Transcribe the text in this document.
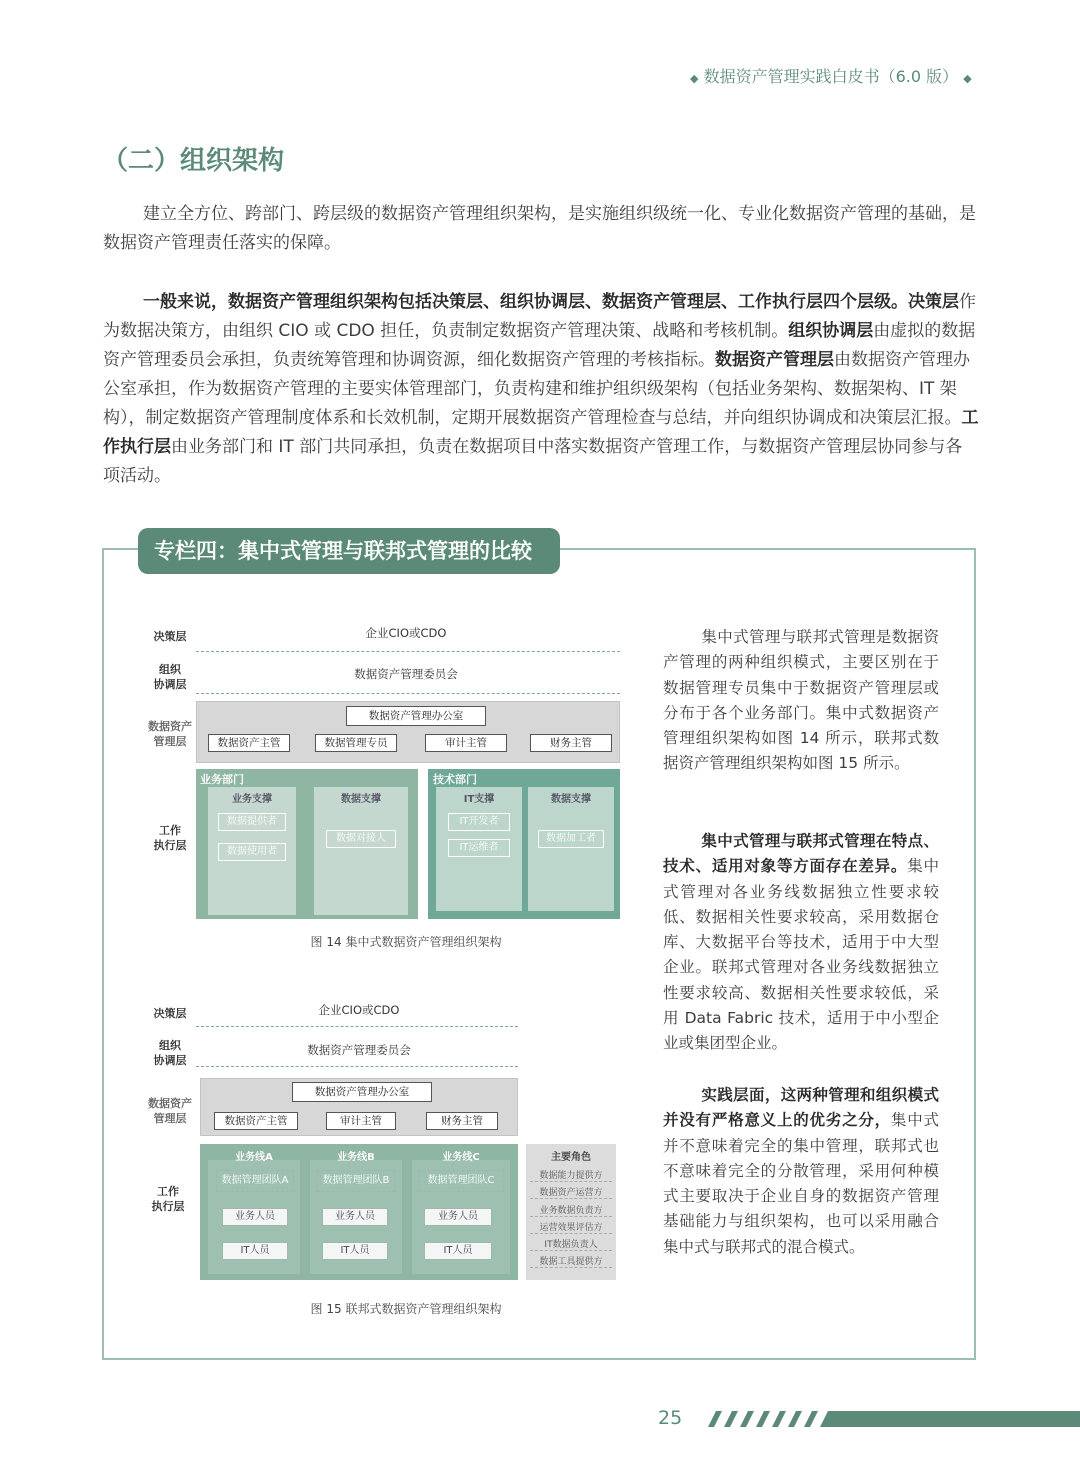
◆ 数据资产管理实践白皮书（6.0 版） ◆
（二）组织架构
建立全方位、跨部门、跨层级的数据资产管理组织架构，是实施组织级统一化、专业化数据资产管理的基础，是数据资产管理责任落实的保障。
一般来说，数据资产管理组织架构包括决策层、组织协调层、数据资产管理层、工作执行层四个层级。决策层作为数据决策方，由组织 CIO 或 CDO 担任，负责制定数据资产管理决策、战略和考核机制。组织协调层由虚拟的数据资产管理委员会承担，负责统筹管理和协调资源，细化数据资产管理的考核指标。数据资产管理层由数据资产管理办公室承担，作为数据资产管理的主要实体管理部门，负责构建和维护组织级架构（包括业务架构、数据架构、IT 架构），制定数据资产管理制度体系和长效机制，定期开展数据资产管理检查与总结，并向组织协调成和决策层汇报。工作执行层由业务部门和 IT 部门共同承担，负责在数据项目中落实数据资产管理工作，与数据资产管理层协同参与各项活动。
专栏四：集中式管理与联邦式管理的比较
集中式管理与联邦式管理是数据资产管理的两种组织模式，主要区别在于数据管理专员集中于数据资产管理层或分布于各个业务部门。集中式数据资产管理组织架构如图 14 所示，联邦式数据资产管理组织架构如图 15 所示。
集中式管理与联邦式管理在特点、技术、适用对象等方面存在差异。集中式管理对各业务线数据独立性要求较低、数据相关性要求较高，采用数据仓库、大数据平台等技术，适用于中大型企业。联邦式管理对各业务线数据独立性要求较高、数据相关性要求较低，采用 Data Fabric 技术，适用于中小型企业或集团型企业。
实践层面，这两种管理和组织模式并没有严格意义上的优劣之分，集中式并不意味着完全的集中管理，联邦式也不意味着完全的分散管理，采用何种模式主要取决于企业自身的数据资产管理基础能力与组织架构，也可以采用融合集中式与联邦式的混合模式。
决策层
组织
协调层
数据资产
管理层
工作
执行层
企业CIO或CDO
数据资产管理委员会
数据资产管理办公室
数据资产主管	数据管理专员	审计主管	财务主管
业务部门
业务支撑
数据提供者
数据使用者
数据支撑
数据对接人
技术部门
IT支撑
IT开发者
IT运维者
数据支撑
数据加工者
图 14 集中式数据资产管理组织架构
决策层
组织
协调层
数据资产
管理层
工作
执行层
企业CIO或CDO
数据资产管理委员会
数据资产管理办公室
数据资产主管	审计主管	财务主管
业务线A
数据管理团队A
业务人员
IT人员
业务线B
数据管理团队B
业务人员
IT人员
业务线C
数据管理团队C
业务人员
IT人员
主要角色
数据能力提供方
数据资产运营方
业务数据负责方
运营效果评估方
IT数据负责人
数据工具提供方
图 15 联邦式数据资产管理组织架构
25
